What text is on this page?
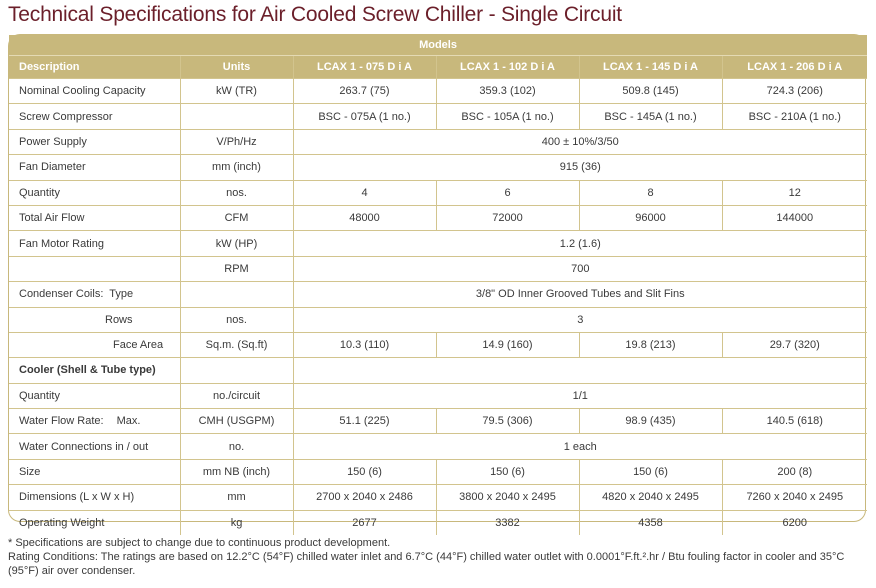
Technical Specifications for Air Cooled Screw Chiller - Single Circuit
Models					
Description	Units	LCAX 1 - 075 D i A	LCAX 1 - 102 D i A	LCAX 1 - 145 D i A	LCAX 1 - 206 D i A
Nominal Cooling Capacity	kW (TR)	263.7 (75)	359.3 (102)	509.8 (145)	724.3 (206)
Screw Compressor		BSC - 075A (1 no.)	BSC - 105A (1 no.)	BSC - 145A (1 no.)	BSC - 210A (1 no.)
Power Supply	V/Ph/Hz	400 ± 10%/3/50			
Fan Diameter	mm (inch)	915 (36)			
Quantity	nos.	4	6	8	12
Total Air Flow	CFM	48000	72000	96000	144000
Fan Motor Rating	kW (HP)	1.2 (1.6)			
	RPM	700			
Condenser Coils:  Type		3/8" OD Inner Grooved Tubes and Slit Fins			
Rows	nos.	3			
Face Area	Sq.m. (Sq.ft)	10.3 (110)	14.9 (160)	19.8 (213)	29.7 (320)
Cooler (Shell & Tube type)					
Quantity	no./circuit	1/1			
Water Flow Rate: Max.	CMH (USGPM)	51.1 (225)	79.5 (306)	98.9 (435)	140.5 (618)
Water Connections in / out	no.	1 each			
Size	mm NB (inch)	150 (6)	150 (6)	150 (6)	200 (8)
Dimensions (L x W x H)	mm	2700 x 2040 x 2486	3800 x 2040 x 2495	4820 x 2040 x 2495	7260 x 2040 x 2495
Operating Weight	kg	2677	3382	4358	6200
* Specifications are subject to change due to continuous product development.
Rating Conditions: The ratings are based on 12.2°C (54°F) chilled water inlet and 6.7°C (44°F) chilled water outlet with 0.0001°F.ft.².hr / Btu fouling factor in cooler and 35°C (95°F) air over condenser.
